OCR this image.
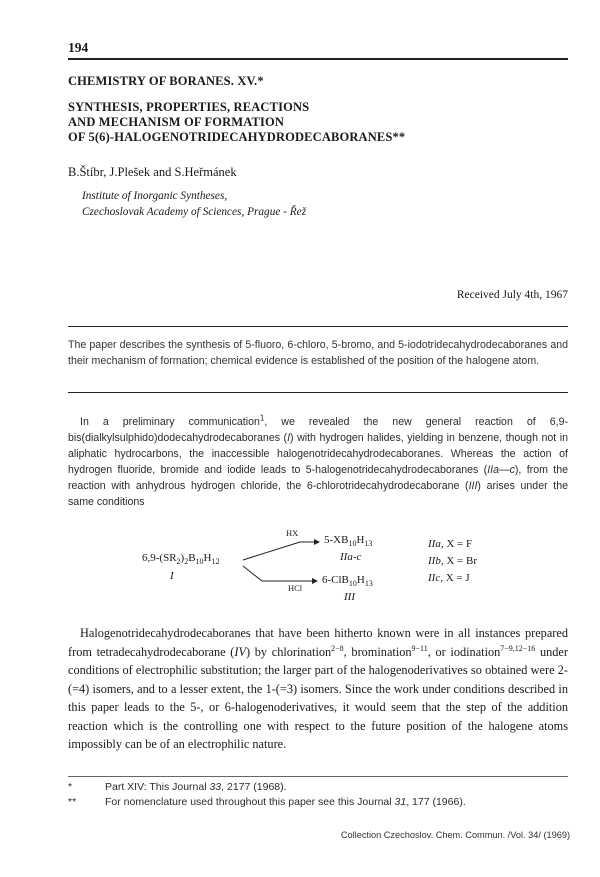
194
CHEMISTRY OF BORANES. XV.*
SYNTHESIS, PROPERTIES, REACTIONS
AND MECHANISM OF FORMATION
OF 5(6)-HALOGENOTRIDECAHYDRODECABORANES**
B.Štíbr, J.Plešek and S.Heřmánek
Institute of Inorganic Syntheses,
Czechoslovak Academy of Sciences, Prague - Řež
Received July 4th, 1967
The paper describes the synthesis of 5-fluoro, 6-chloro, 5-bromo, and 5-iodotridecahydrodecaboranes and their mechanism of formation; chemical evidence is established of the position of the halogene atom.
In a preliminary communication$^1$, we revealed the new general reaction of 6,9-bis(dialkylsulphido)dodecahydrodecaboranes (I) with hydrogen halides, yielding in benzene, though not in aliphatic hydrocarbons, the inaccessible halogenotridecahydrodecaboranes. Whereas the action of hydrogen fluoride, bromide and iodide leads to 5-halogenotridecahydrodecaboranes (IIa—c), from the reaction with anhydrous hydrogen chloride, the 6-chlorotridecahydrodecaborane (III) arises under the same conditions
HX
HCl
$6,9-(SR_2)_2B_{10}H_{12}$
I
$5-XB_{10}H_{13}$
IIa-c
$6-ClB_{10}H_{13}$
III
IIa, X = F
IIb, X = Br
IIc, X = J
Halogenotridecahydrodecaboranes that have been hitherto known were in all instances prepared from tetradecahydrodecaborane (IV) by chlorination$^{2-8}$, bromination$^{9-11}$, or iodination$^{7-9,12-16}$ under conditions of electrophilic substitution; the larger part of the halogenoderivatives so obtained were 2-(=4) isomers, and to a lesser extent, the 1-(=3) isomers. Since the work under conditions described in this paper leads to the 5-, or 6-halogenoderivatives, it would seem that the step of the addition reaction which is the controlling one with respect to the future position of the halogene atoms impossibly can be of an electrophilic nature.
*	Part XIV: This Journal 33, 2177 (1968).
**	For nomenclature used throughout this paper see this Journal 31, 177 (1966).
Collection Czechoslov. Chem. Commun. /Vol. 34/ (1969)
